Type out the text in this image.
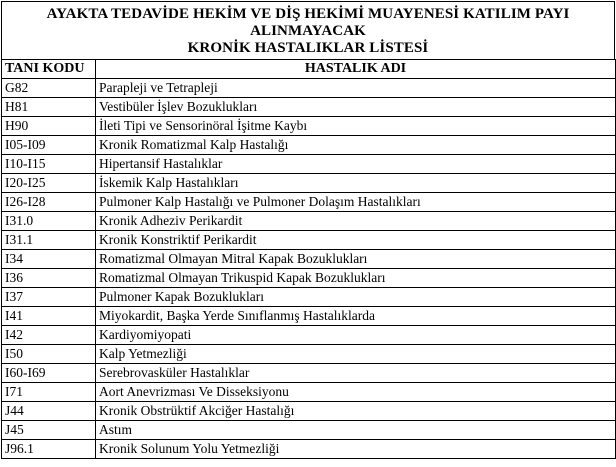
AYAKTA TEDAVİDE HEKİM VE DİŞ HEKİMİ MUAYENESİ KATILIM PAYI
ALINMAYACAK
KRONİK HASTALIKLAR LİSTESİ
TANI KODU	HASTALIK ADI
G82	Parapleji ve Tetrapleji
H81	Vestibüler İşlev Bozuklukları
H90	İleti Tipi ve Sensorinöral İşitme Kaybı
I05-I09	Kronik Romatizmal Kalp Hastalığı
I10-I15	Hipertansif Hastalıklar
I20-I25	İskemik Kalp Hastalıkları
I26-I28	Pulmoner Kalp Hastalığı ve Pulmoner Dolaşım Hastalıkları
I31.0	Kronik Adheziv Perikardit
I31.1	Kronik Konstriktif Perikardit
I34	Romatizmal Olmayan Mitral Kapak Bozuklukları
I36	Romatizmal Olmayan Trikuspid Kapak Bozuklukları
I37	Pulmoner Kapak Bozuklukları
I41	Miyokardit, Başka Yerde Sınıflanmış Hastalıklarda
I42	Kardiyomiyopati
I50	Kalp Yetmezliği
I60-I69	Serebrovasküler Hastalıklar
I71	Aort Anevrizması Ve Disseksiyonu
J44	Kronik Obstrüktif Akciğer Hastalığı
J45	Astım
J96.1	Kronik Solunum Yolu Yetmezliği
